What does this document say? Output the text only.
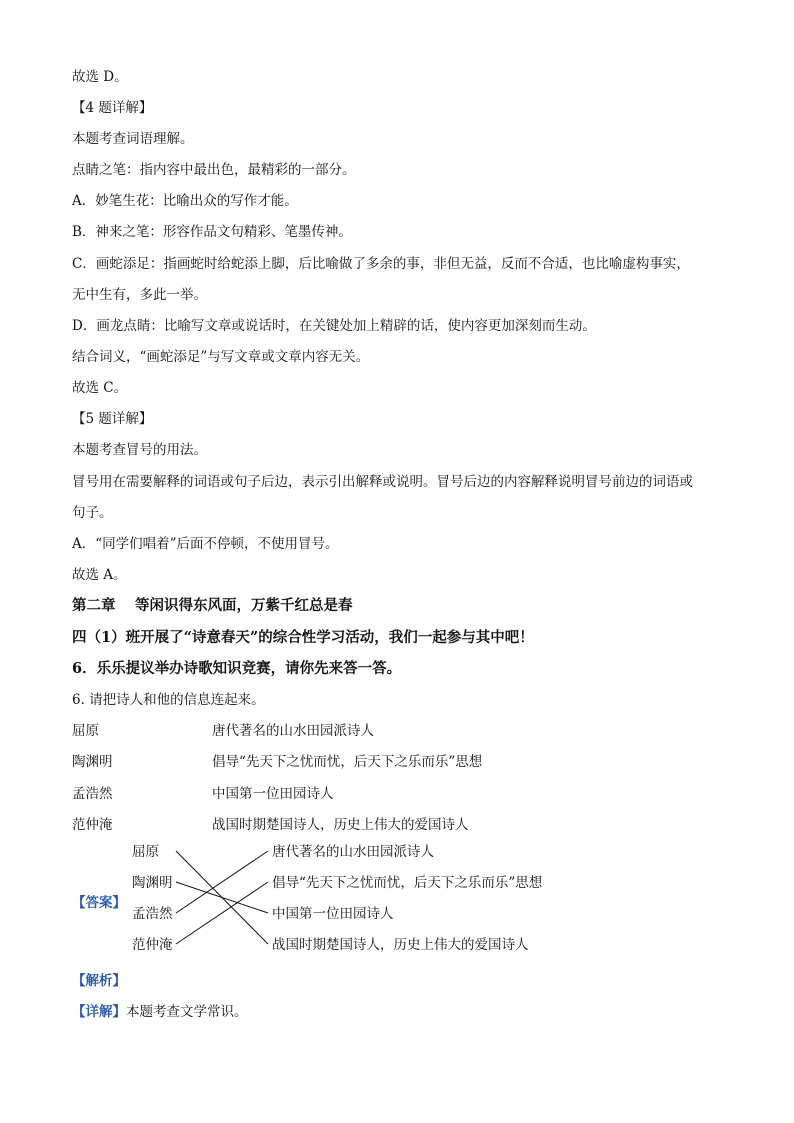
故选 D。
【4 题详解】
本题考查词语理解。
点睛之笔：指内容中最出色，最精彩的一部分。
A．妙笔生花：比喻出众的写作才能。
B．神来之笔：形容作品文句精彩、笔墨传神。
C．画蛇添足：指画蛇时给蛇添上脚，后比喻做了多余的事，非但无益，反而不合适，也比喻虚构事实，
无中生有，多此一举。
D．画龙点睛：比喻写文章或说话时，在关键处加上精辟的话，使内容更加深刻而生动。
结合词义，“画蛇添足”与写文章或文章内容无关。
故选 C。
【5 题详解】
本题考查冒号的用法。
冒号用在需要解释的词语或句子后边，表示引出解释或说明。冒号后边的内容解释说明冒号前边的词语或
句子。
A．“同学们唱着”后面不停顿，不使用冒号。
故选 A。
第二章　 等闲识得东风面，万紫千红总是春
四（1）班开展了“诗意春天”的综合性学习活动，我们一起参与其中吧！
6．乐乐提议举办诗歌知识竞赛，请你先来答一答。
6. 请把诗人和他的信息连起来。
屈原	唐代著名的山水田园派诗人
陶渊明	倡导“先天下之忧而忧，后天下之乐而乐”思想
孟浩然	中国第一位田园诗人
范仲淹	战国时期楚国诗人，历史上伟大的爱国诗人
【答案】
屈原
陶渊明
孟浩然
范仲淹
唐代著名的山水田园派诗人
倡导“先天下之忧而忧，后天下之乐而乐”思想
中国第一位田园诗人
战国时期楚国诗人，历史上伟大的爱国诗人
【解析】
【详解】本题考查文学常识。
